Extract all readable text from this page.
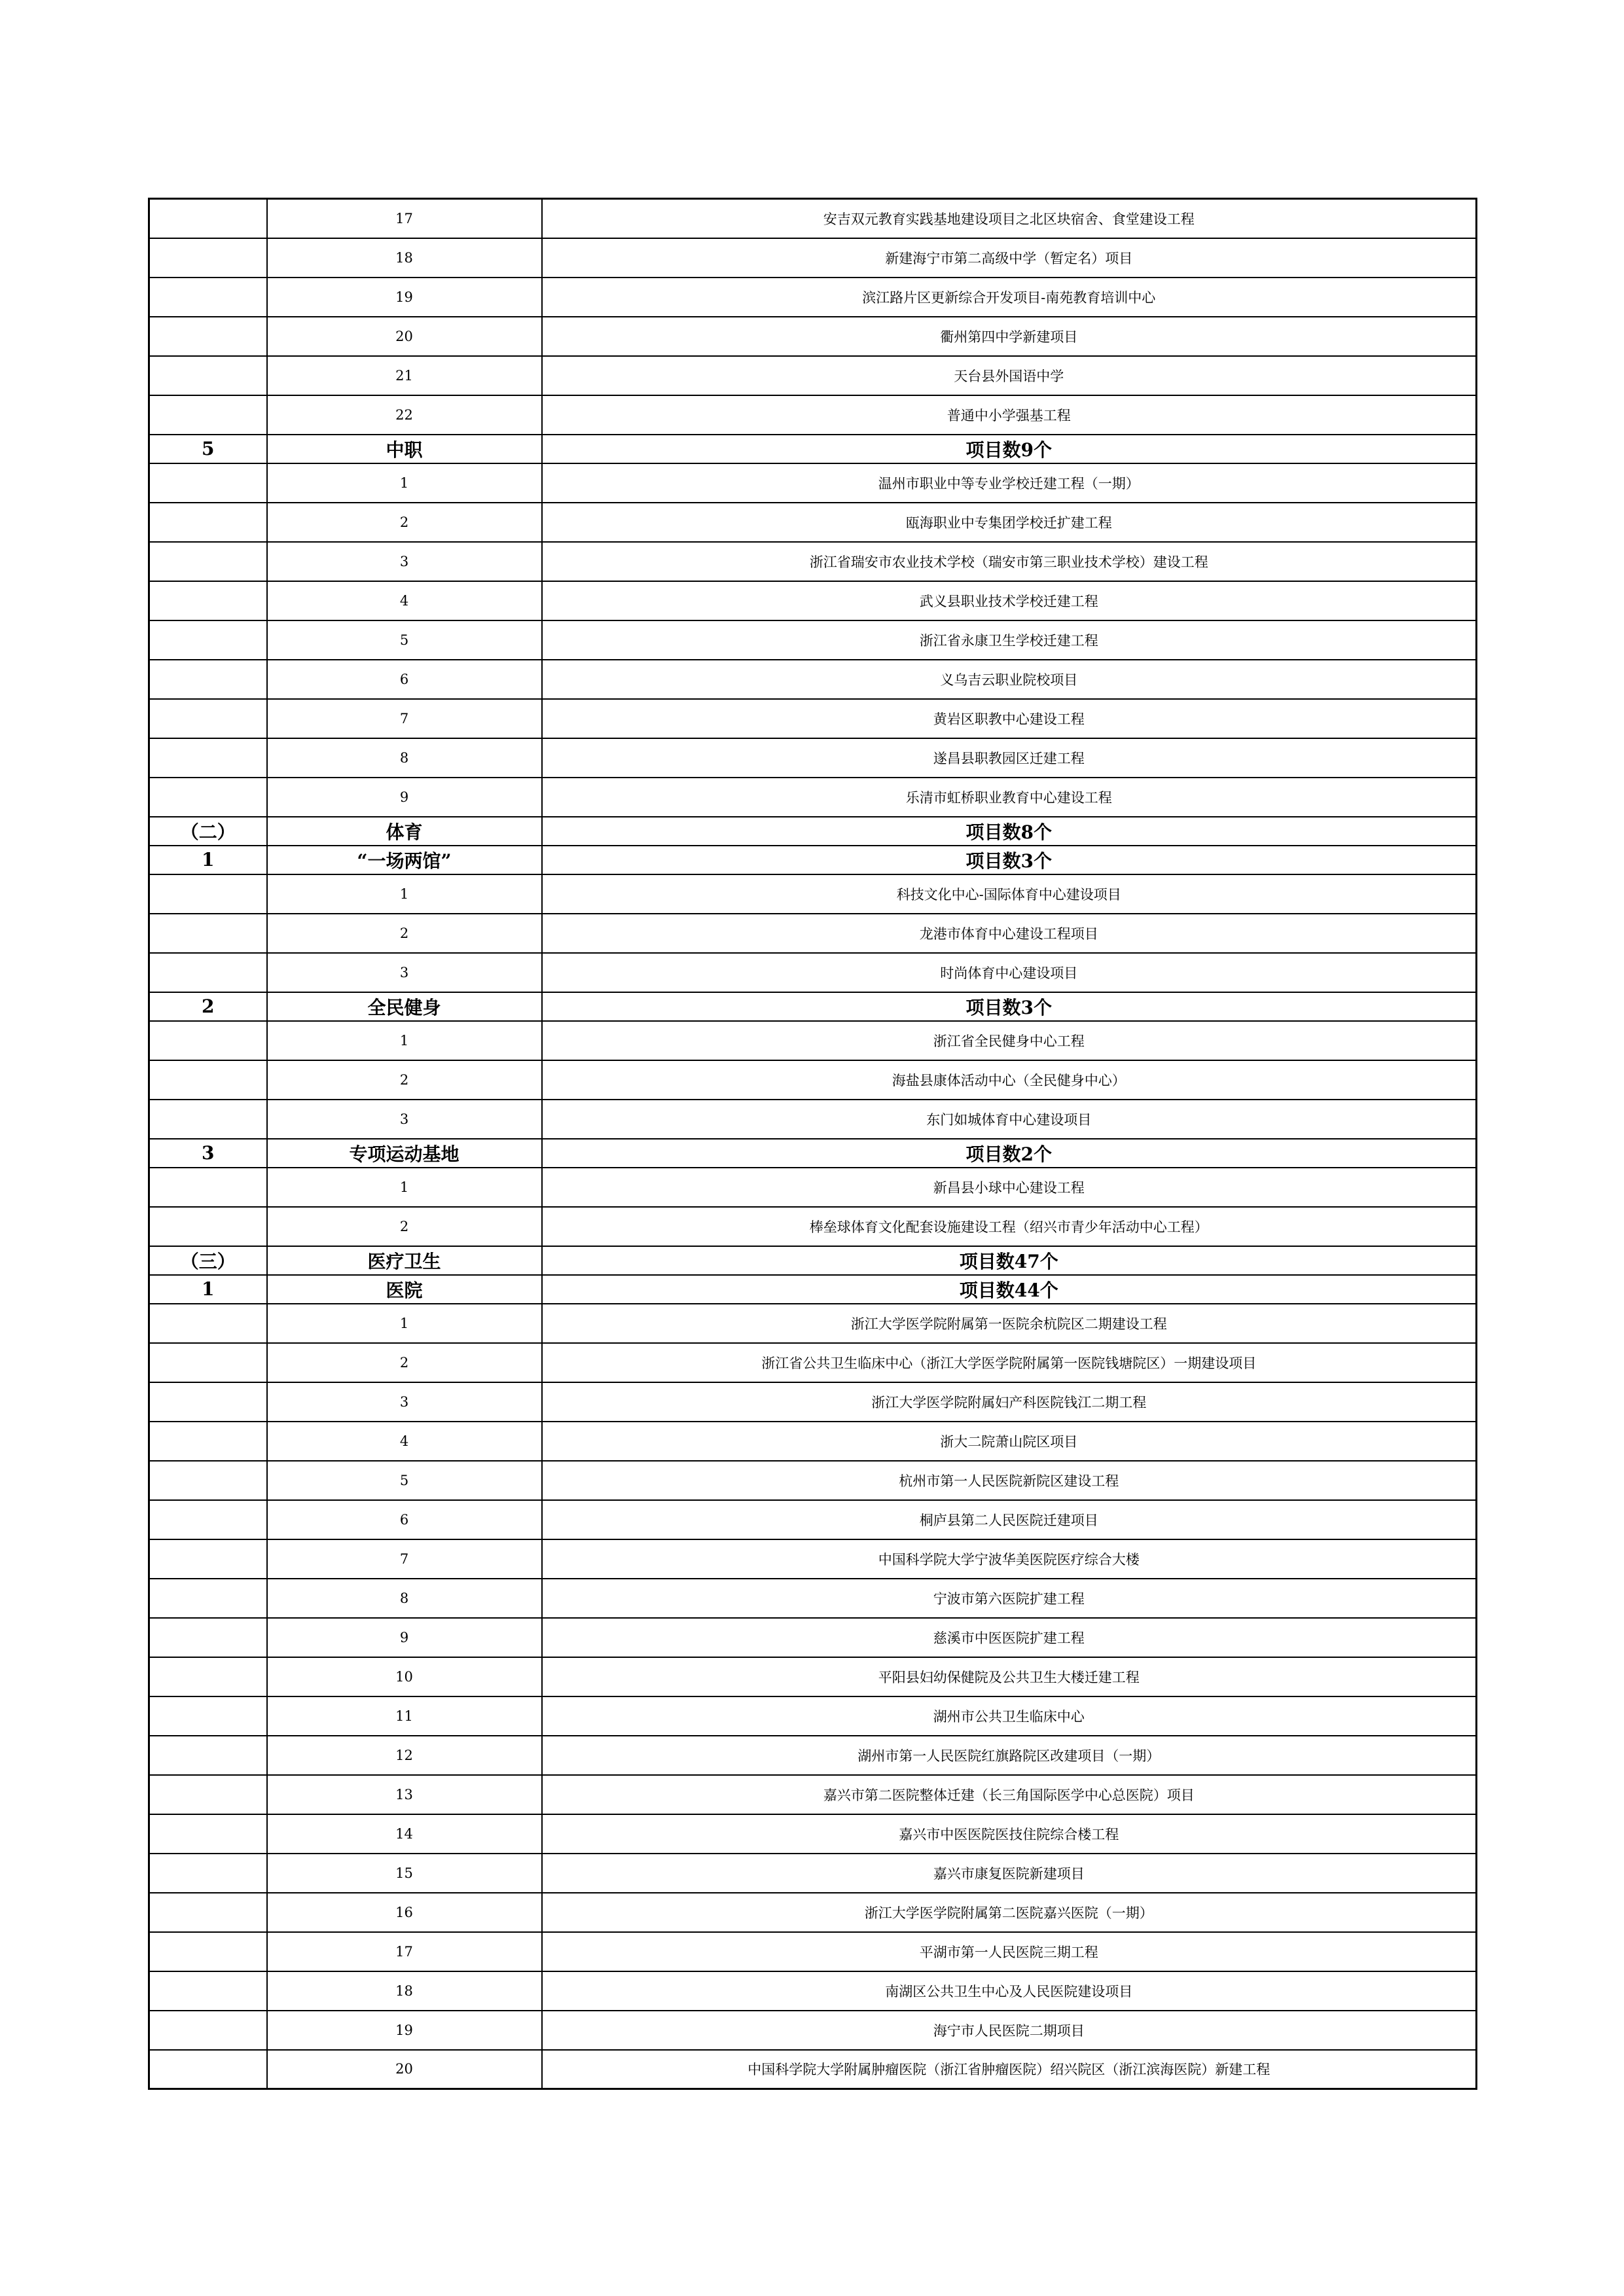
	17	安吉双元教育实践基地建设项目之北区块宿舍、食堂建设工程
	18	新建海宁市第二高级中学（暂定名）项目
	19	滨江路片区更新综合开发项目-南苑教育培训中心
	20	衢州第四中学新建项目
	21	天台县外国语中学
	22	普通中小学强基工程
5	中职	项目数9个
	1	温州市职业中等专业学校迁建工程（一期）
	2	瓯海职业中专集团学校迁扩建工程
	3	浙江省瑞安市农业技术学校（瑞安市第三职业技术学校）建设工程
	4	武义县职业技术学校迁建工程
	5	浙江省永康卫生学校迁建工程
	6	义乌吉云职业院校项目
	7	黄岩区职教中心建设工程
	8	遂昌县职教园区迁建工程
	9	乐清市虹桥职业教育中心建设工程
（二）	体育	项目数8个
1	“一场两馆”	项目数3个
	1	科技文化中心-国际体育中心建设项目
	2	龙港市体育中心建设工程项目
	3	时尚体育中心建设项目
2	全民健身	项目数3个
	1	浙江省全民健身中心工程
	2	海盐县康体活动中心（全民健身中心）
	3	东门如城体育中心建设项目
3	专项运动基地	项目数2个
	1	新昌县小球中心建设工程
	2	棒垒球体育文化配套设施建设工程（绍兴市青少年活动中心工程）
（三）	医疗卫生	项目数47个
1	医院	项目数44个
	1	浙江大学医学院附属第一医院余杭院区二期建设工程
	2	浙江省公共卫生临床中心（浙江大学医学院附属第一医院钱塘院区）一期建设项目
	3	浙江大学医学院附属妇产科医院钱江二期工程
	4	浙大二院萧山院区项目
	5	杭州市第一人民医院新院区建设工程
	6	桐庐县第二人民医院迁建项目
	7	中国科学院大学宁波华美医院医疗综合大楼
	8	宁波市第六医院扩建工程
	9	慈溪市中医医院扩建工程
	10	平阳县妇幼保健院及公共卫生大楼迁建工程
	11	湖州市公共卫生临床中心
	12	湖州市第一人民医院红旗路院区改建项目（一期）
	13	嘉兴市第二医院整体迁建（长三角国际医学中心总医院）项目
	14	嘉兴市中医医院医技住院综合楼工程
	15	嘉兴市康复医院新建项目
	16	浙江大学医学院附属第二医院嘉兴医院（一期）
	17	平湖市第一人民医院三期工程
	18	南湖区公共卫生中心及人民医院建设项目
	19	海宁市人民医院二期项目
	20	中国科学院大学附属肿瘤医院（浙江省肿瘤医院）绍兴院区（浙江滨海医院）新建工程
